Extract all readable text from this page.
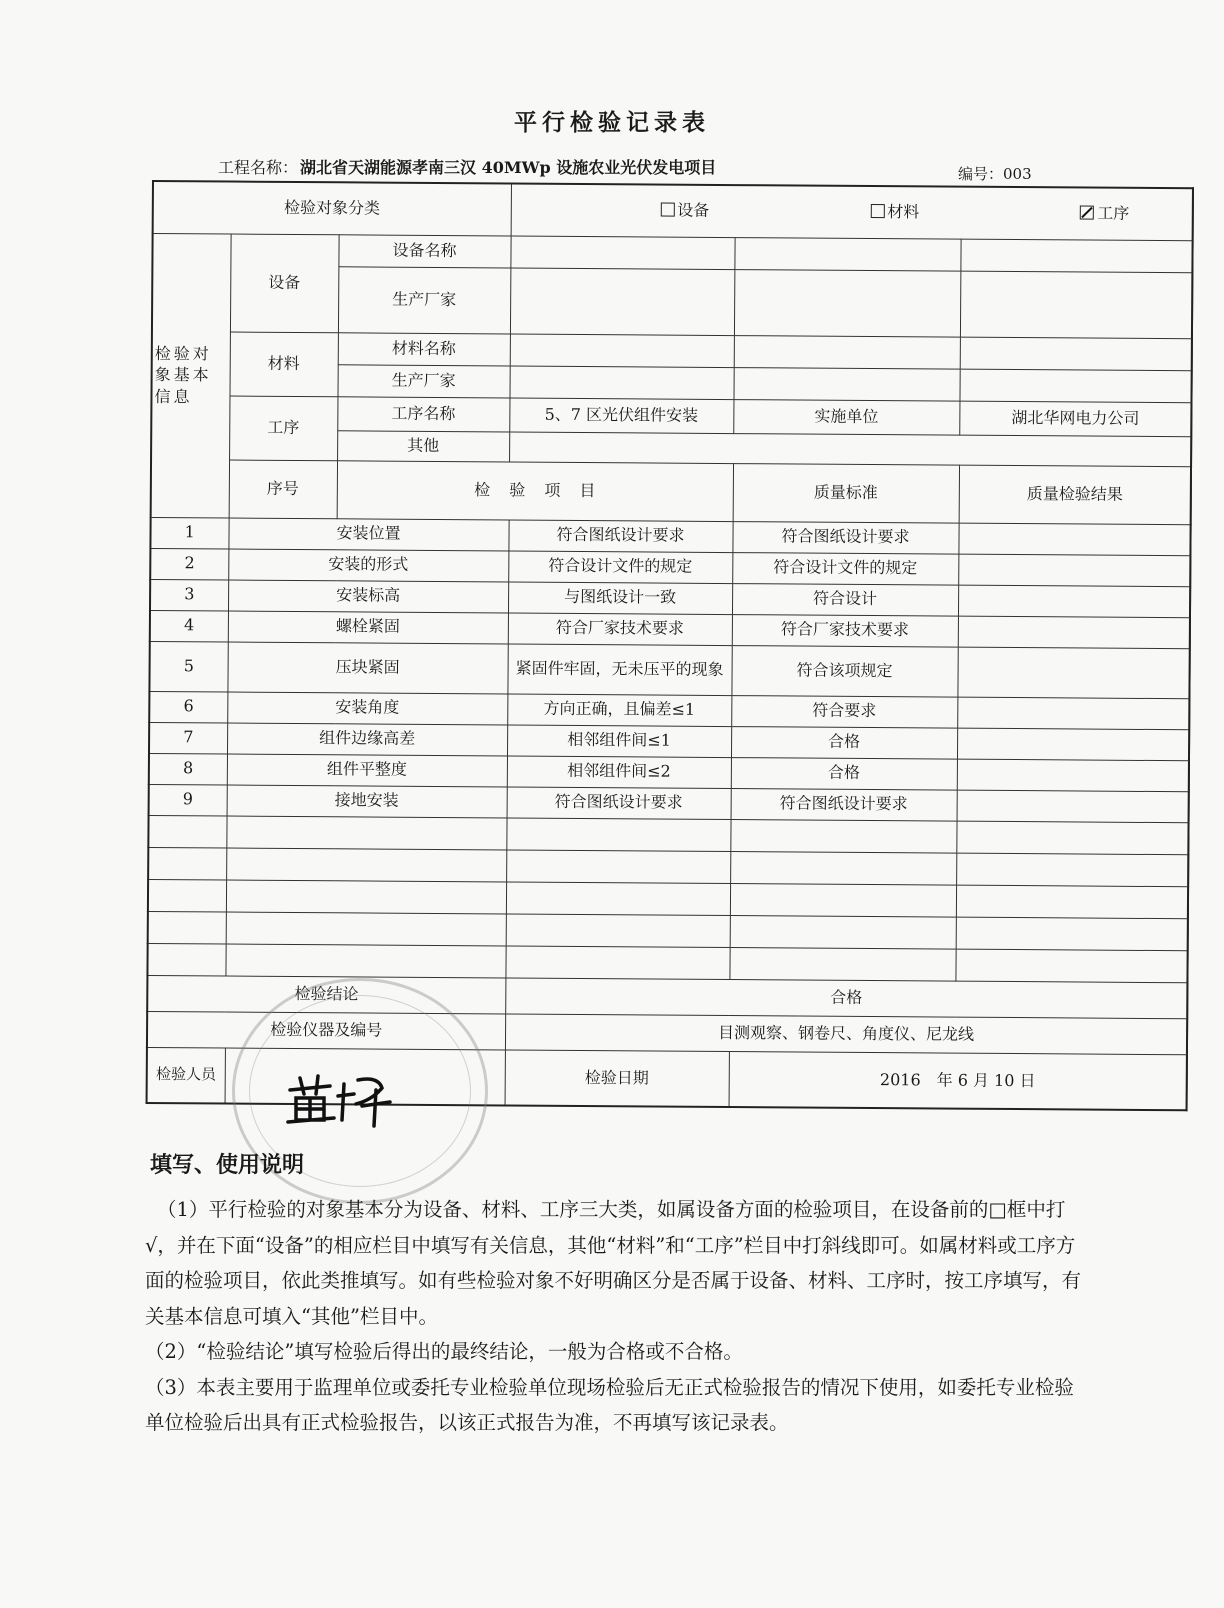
平行检验记录表
工程名称： 湖北省天湖能源孝南三汉 40MWp 设施农业光伏发电项目	编号：003
检验对象分类			设备 材料 工序			

检验对象基本信息	设备	设备名称				
		生产厂家				
	材料	材料名称				
		生产厂家				
	工序	工序名称	5、7 区光伏组件安装	实施单位	湖北华网电力公司	
		其他				
	序号	检 验 项 目		质量标准	质量检验结果	
1	安装位置		符合图纸设计要求	符合图纸设计要求		
2	安装的形式		符合设计文件的规定	符合设计文件的规定		
3	安装标高		与图纸设计一致	符合设计		
4	螺栓紧固		符合厂家技术要求	符合厂家技术要求		
5	压块紧固		紧固件牢固，无未压平的现象	符合该项规定		
6	安装角度		方向正确，且偏差≤1	符合要求		
7	组件边缘高差		相邻组件间≤1	合格		
8	组件平整度		相邻组件间≤2	合格		
9	接地安装		符合图纸设计要求	符合图纸设计要求		

检验结论			合格			
检验仪器及编号			目测观察、钢卷尺、角度仪、尼龙线			
检验人员			检验日期	2016　年 6 月 10 日		
填写、使用说明

（1）平行检验的对象基本分为设备、材料、工序三大类，如属设备方面的检验项目，在设备前的□框中打√，并在下面“设备”的相应栏目中填写有关信息，其他“材料”和“工序”栏目中打斜线即可。如属材料或工序方面的检验项目，依此类推填写。如有些检验对象不好明确区分是否属于设备、材料、工序时，按工序填写，有关基本信息可填入“其他”栏目中。

（2）“检验结论”填写检验后得出的最终结论，一般为合格或不合格。

（3）本表主要用于监理单位或委托专业检验单位现场检验后无正式检验报告的情况下使用，如委托专业检验单位检验后出具有正式检验报告，以该正式报告为准，不再填写该记录表。
